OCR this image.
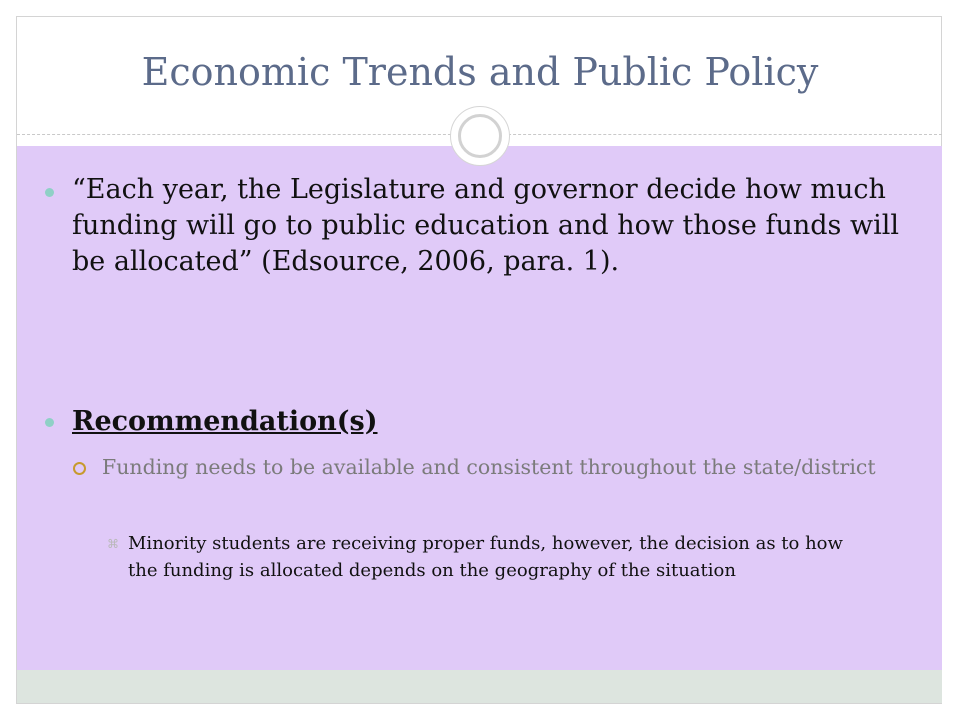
Economic Trends and Public Policy
“Each year, the Legislature and governor decide how much funding will go to public education and how those funds will be allocated” (Edsource, 2006, para. 1).
Recommendation(s)
Funding needs to be available and consistent throughout the state/district
⌘ Minority students are receiving proper funds, however, the decision as to how the funding is allocated depends on the geography of the situation
